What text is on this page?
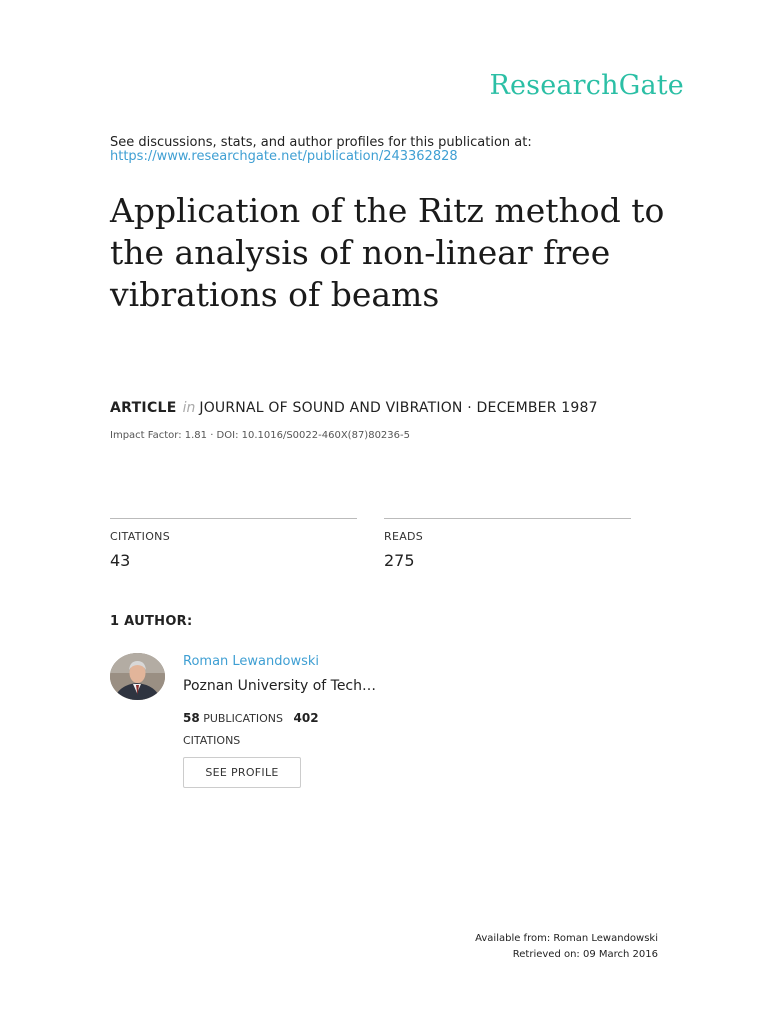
ResearchGate
See discussions, stats, and author profiles for this publication at:
https://www.researchgate.net/publication/243362828
Application of the Ritz method to the analysis of non-linear free vibrations of beams
ARTICLE in JOURNAL OF SOUND AND VIBRATION · DECEMBER 1987
Impact Factor: 1.81 · DOI: 10.1016/S0022-460X(87)80236-5
CITATIONS
43
READS
275
1 AUTHOR:
Roman Lewandowski
Poznan University of Tech…
58 PUBLICATIONS 402
CITATIONS
SEE PROFILE
Available from: Roman Lewandowski
Retrieved on: 09 March 2016
